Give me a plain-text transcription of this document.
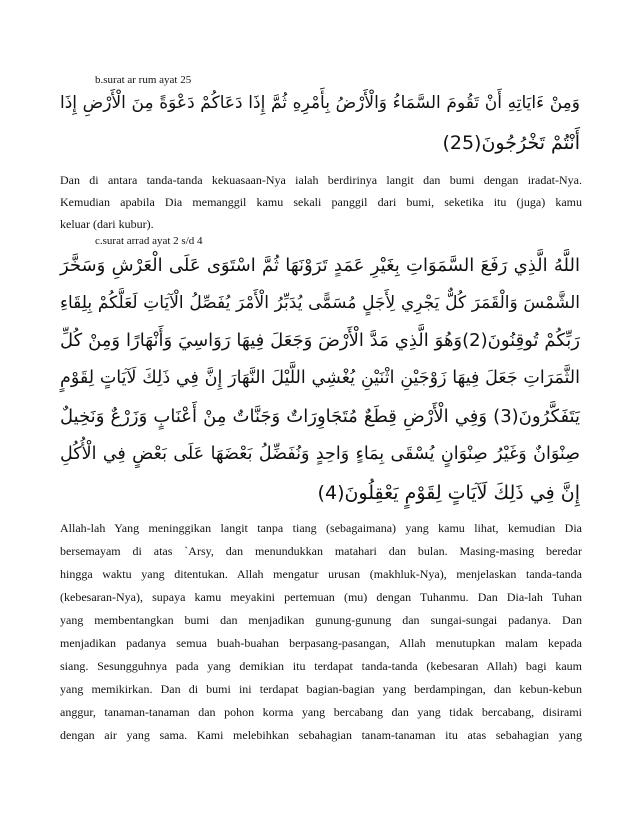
b.surat ar rum ayat 25
وَمِنْ ءَايَاتِهِ أَنْ تَقُومَ السَّمَاءُ وَالْأَرْضُ بِأَمْرِهِ ثُمَّ إِذَا دَعَاكُمْ دَعْوَةً مِنَ الْأَرْضِ إِذَا
أَنْتُمْ تَخْرُجُونَ(25)
Dan di antara tanda-tanda kekuasaan-Nya ialah berdirinya langit dan bumi dengan iradat-Nya.
Kemudian apabila Dia memanggil kamu sekali panggil dari bumi, seketika itu (juga) kamu
keluar (dari kubur).
c.surat arrad ayat 2 s/d 4
اللَّهُ الَّذِي رَفَعَ السَّمَوَاتِ بِغَيْرِ عَمَدٍ تَرَوْنَهَا ثُمَّ اسْتَوَى عَلَى الْعَرْشِ وَسَخَّرَ
الشَّمْسَ وَالْقَمَرَ كُلٌّ يَجْرِي لِأَجَلٍ مُسَمًّى يُدَبِّرُ الْأَمْرَ يُفَصِّلُ الْآيَاتِ لَعَلَّكُمْ بِلِقَاءِ
رَبِّكُمْ تُوقِنُونَ(2)وَهُوَ الَّذِي مَدَّ الْأَرْضَ وَجَعَلَ فِيهَا رَوَاسِيَ وَأَنْهَارًا وَمِنْ كُلِّ
الثَّمَرَاتِ جَعَلَ فِيهَا زَوْجَيْنِ اثْنَيْنِ يُغْشِي اللَّيْلَ النَّهَارَ إِنَّ فِي ذَلِكَ لَآيَاتٍ لِقَوْمٍ
يَتَفَكَّرُونَ(3) وَفِي الْأَرْضِ قِطَعٌ مُتَجَاوِرَاتٌ وَجَنَّاتٌ مِنْ أَعْنَابٍ وَزَرْعٌ وَنَخِيلٌ
صِنْوَانٌ وَغَيْرُ صِنْوَانٍ يُسْقَى بِمَاءٍ وَاحِدٍ وَنُفَضِّلُ بَعْضَهَا عَلَى بَعْضٍ فِي الْأُكُلِ
إِنَّ فِي ذَلِكَ لَآيَاتٍ لِقَوْمٍ يَعْقِلُونَ(4)
Allah-lah Yang meninggikan langit tanpa tiang (sebagaimana) yang kamu lihat, kemudian Dia
bersemayam di atas `Arsy, dan menundukkan matahari dan bulan. Masing-masing beredar
hingga waktu yang ditentukan. Allah mengatur urusan (makhluk-Nya), menjelaskan tanda-tanda
(kebesaran-Nya), supaya kamu meyakini pertemuan (mu) dengan Tuhanmu. Dan Dia-lah Tuhan
yang membentangkan bumi dan menjadikan gunung-gunung dan sungai-sungai padanya. Dan
menjadikan padanya semua buah-buahan berpasang-pasangan, Allah menutupkan malam kepada
siang. Sesungguhnya pada yang demikian itu terdapat tanda-tanda (kebesaran Allah) bagi kaum
yang memikirkan. Dan di bumi ini terdapat bagian-bagian yang berdampingan, dan kebun-kebun
anggur, tanaman-tanaman dan pohon korma yang bercabang dan yang tidak bercabang, disirami
dengan air yang sama. Kami melebihkan sebahagian tanam-tanaman itu atas sebahagian yang
